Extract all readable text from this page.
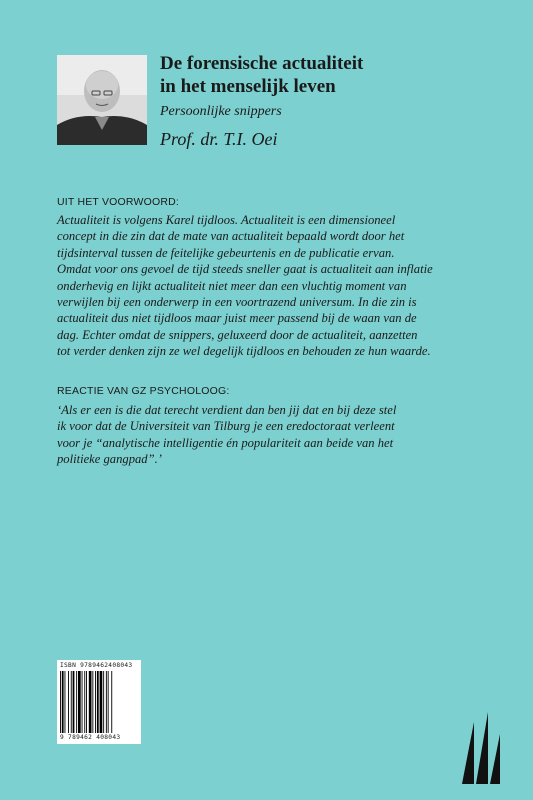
De forensische actualiteit
in het menselijk leven
Persoonlijke snippers
Prof. dr. T.I. Oei
UIT HET VOORWOORD:

Actualiteit is volgens Karel tijdloos. Actualiteit is een dimensioneel
concept in die zin dat de mate van actualiteit bepaald wordt door het
tijdsinterval tussen de feitelijke gebeurtenis en de publicatie ervan.
Omdat voor ons gevoel de tijd steeds sneller gaat is actualiteit aan inflatie
onderhevig en lijkt actualiteit niet meer dan een vluchtig moment van
verwijlen bij een onderwerp in een voortrazend universum. In die zin is
actualiteit dus niet tijdloos maar juist meer passend bij de waan van de
dag. Echter omdat de snippers, geluxeerd door de actualiteit, aanzetten
tot verder denken zijn ze wel degelijk tijdloos en behouden ze hun waarde.

REACTIE VAN GZ PSYCHOLOOG:

‘Als er een is die dat terecht verdient dan ben jij dat en bij deze stel
ik voor dat de Universiteit van Tilburg je een eredoctoraat verleent
voor je “analytische intelligentie én populariteit aan beide van het
politieke gangpad”.’

ISBN 9789462408043
9 789462 408043
